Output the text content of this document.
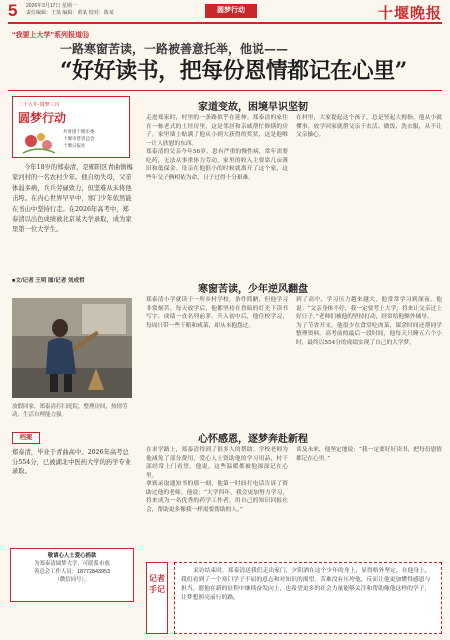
5 2026年3月17日 星期一
责任编辑：王某 编辑：黄某 校对：陈某	圆梦行动	十堰晚报
“我要上大学”系列报道⑬
一路寒窗苦读，一路被善意托举，他说——
“好好读书，把每份恩情都记在心里”
二十五年·圆梦三百
圆梦行动
共青团十堰市委
十堰市慈善总会
十堰日报社
今年18岁的郑泰清，是郧阳区青曲镇梅家河村的一名农村少年。他自幼失母，父亲体弱多病，兵兵劳碌致力，但坚难从未将他击垮。在内心世界早早中，寒门少年依然能在书山中坚持行走。在2026年高考中，郑泰清以出色成绩被北京某大学录取，成为家里第一位大学生。
■文/记者 王明 图/记者 刘成哲
放假回家，郑泰清打扫庭院，整理房间，热情劳动，生活自理能力强。
档案
郑泰清，毕业于青曲高中。2026年高考总分554分，已被湖北中医药大学的药学专业录取。
敬请心人士爱心捐款
为郑泰清圆梦大学，可联系市慈
善总会工作人员：18772843953
（微信同号）。
家道变故，困境早识坚韧

走进郑家时，村里的一条路似乎在延伸。郑泰清的家住在一栋老式的土坯房里，这是邻居和亲戚帮忙修缮的房子。家里墙上贴满了他从小到大获得的奖状，这是他唯一让人欣慰的东西。

郑泰清的父亲今年56岁，患有严重的慢性病，常年需要吃药，无法从事重体力劳动，家里的收入主要靠几亩薄田和低保金。母亲在他很小的时候就离开了这个家，这些年父子俩相依为命，日子过得十分艰难。

在村里，大家提起这个孩子，总是竖起大拇指。他从小就懂事，放学回家就帮父亲干农活、做饭、洗衣服，从不让父亲操心。

寒窗苦读，少年逆风翻盘

郑泰清小学就读于一所乡村学校，条件简陋，但他学习非常刻苦。每天放学后，他都坚持在昏暗的灯光下读书写字，成绩一直名列前茅。升入初中后，他住校学习，每周只带一些干粮和咸菜，却从未抱怨过。

到了高中，学习压力越来越大，他常常学习到深夜。他说：“父亲身体不好，我一定要考上大学，将来让父亲过上好日子。”老师们被他的坚持打动，经常给他额外辅导。

为了节省开支，他很少在食堂吃肉菜，课余时间还帮同学整理资料。高考前的最后一段时间，他每天只睡五六个小时，最终以554分的成绩实现了自己的大学梦。

心怀感恩，逐梦奔赴新程

在求学路上，郑泰清得到了很多人的帮助。学校老师为他减免了部分费用，爱心人士资助他的学习用品，村干部经常上门看望。他说，这些温暖都被他深深记在心里。

拿到录取通知书的那一刻，他第一时间打电话告诉了资助过他的老师。他说：“大学四年，我会更加努力学习，将来成为一名优秀的药学工作者，用自己的知识回报社会，帮助更多像我一样需要帮助的人。”

谈及未来，他坚定地说：“我一定要好好读书，把每份恩情都记在心里。”

记者手记
采访结束时，郑泰清送我们走出家门，夕阳洒在这个少年的身上，显得格外坚定。在他身上，我们看到了一个寒门学子不屈的意志和对知识的渴望。苦难没有压垮他，反而让他更加懂得感恩与担当。愿他在新的征程中继续奋发向上，也希望更多的社会力量能够关注和帮助像他这样的学子，让梦想照亮前行的路。
